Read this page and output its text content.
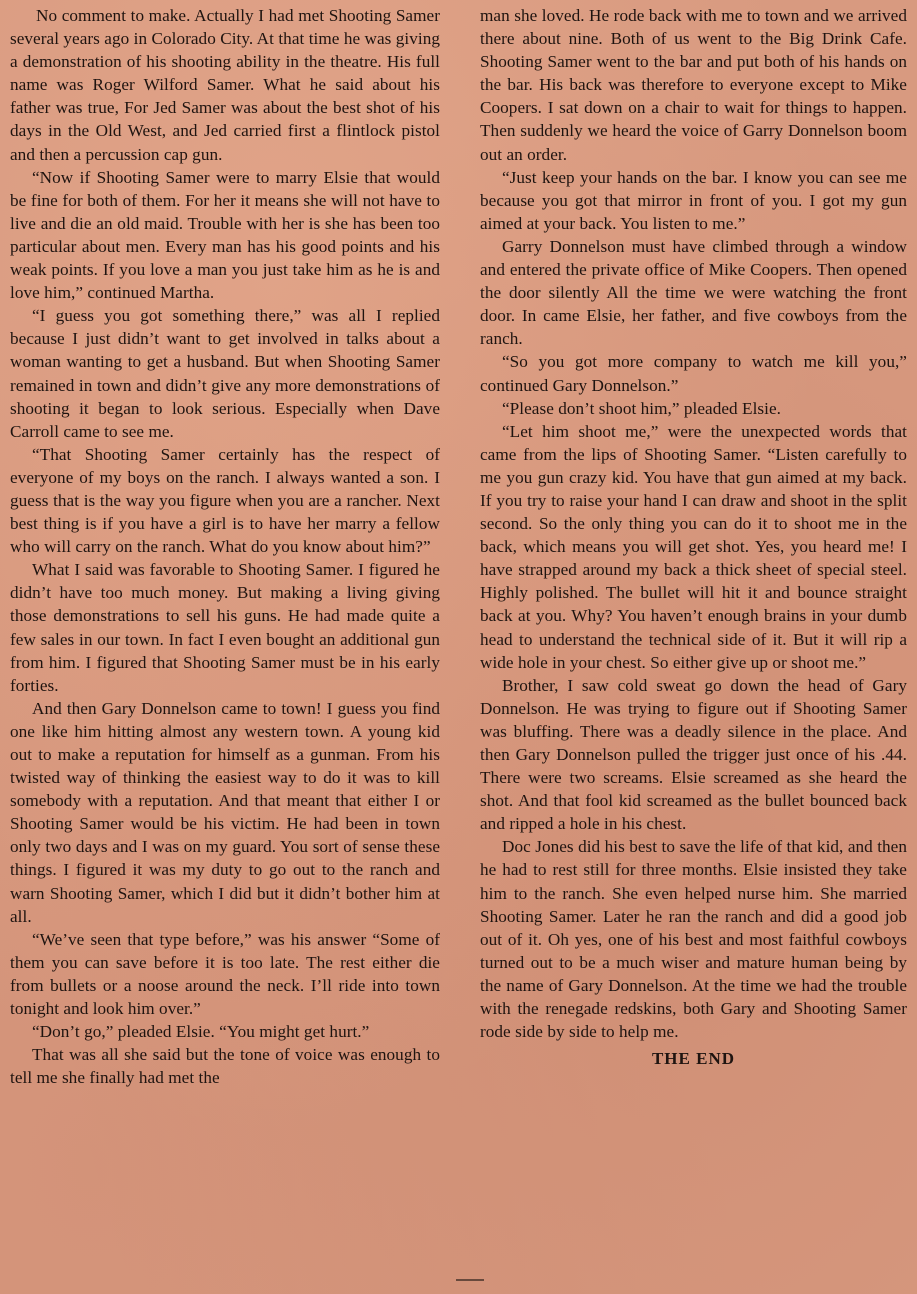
No comment to make. Actually I had met Shooting Samer several years ago in Colorado City. At that time he was giving a demonstration of his shooting ability in the theatre. His full name was Roger Wilford Samer. What he said about his father was true, For Jed Samer was about the best shot of his days in the Old West, and Jed carried first a flintlock pistol and then a percussion cap gun.

“Now if Shooting Samer were to marry Elsie that would be fine for both of them. For her it means she will not have to live and die an old maid. Trouble with her is she has been too particular about men. Every man has his good points and his weak points. If you love a man you just take him as he is and love him,” continued Martha.

“I guess you got something there,” was all I replied because I just didn’t want to get involved in talks about a woman wanting to get a husband. But when Shooting Samer remained in town and didn’t give any more demonstrations of shooting it began to look serious. Especially when Dave Carroll came to see me.

“That Shooting Samer certainly has the respect of everyone of my boys on the ranch. I always wanted a son. I guess that is the way you figure when you are a rancher. Next best thing is if you have a girl is to have her marry a fellow who will carry on the ranch. What do you know about him?”

What I said was favorable to Shooting Samer. I figured he didn’t have too much money. But making a living giving those demonstrations to sell his guns. He had made quite a few sales in our town. In fact I even bought an additional gun from him. I figured that Shooting Samer must be in his early forties.

And then Gary Donnelson came to town! I guess you find one like him hitting almost any western town. A young kid out to make a reputation for himself as a gunman. From his twisted way of thinking the easiest way to do it was to kill somebody with a reputation. And that meant that either I or Shooting Samer would be his victim. He had been in town only two days and I was on my guard. You sort of sense these things. I figured it was my duty to go out to the ranch and warn Shooting Samer, which I did but it didn’t bother him at all.

“We’ve seen that type before,” was his answer “Some of them you can save before it is too late. The rest either die from bullets or a noose around the neck. I’ll ride into town tonight and look him over.”

“Don’t go,” pleaded Elsie. “You might get hurt.”

That was all she said but the tone of voice was enough to tell me she finally had met the

man she loved. He rode back with me to town and we arrived there about nine. Both of us went to the Big Drink Cafe. Shooting Samer went to the bar and put both of his hands on the bar. His back was therefore to everyone except to Mike Coopers. I sat down on a chair to wait for things to happen. Then suddenly we heard the voice of Garry Donnelson boom out an order.

“Just keep your hands on the bar. I know you can see me because you got that mirror in front of you. I got my gun aimed at your back. You listen to me.”

Garry Donnelson must have climbed through a window and entered the private office of Mike Coopers. Then opened the door silently All the time we were watching the front door. In came Elsie, her father, and five cowboys from the ranch.

“So you got more company to watch me kill you,” continued Gary Donnelson.”

“Please don’t shoot him,” pleaded Elsie.

“Let him shoot me,” were the unexpected words that came from the lips of Shooting Samer. “Listen carefully to me you gun crazy kid. You have that gun aimed at my back. If you try to raise your hand I can draw and shoot in the split second. So the only thing you can do it to shoot me in the back, which means you will get shot. Yes, you heard me! I have strapped around my back a thick sheet of special steel. Highly polished. The bullet will hit it and bounce straight back at you. Why? You haven’t enough brains in your dumb head to understand the technical side of it. But it will rip a wide hole in your chest. So either give up or shoot me.”

Brother, I saw cold sweat go down the head of Gary Donnelson. He was trying to figure out if Shooting Samer was bluffing. There was a deadly silence in the place. And then Gary Donnelson pulled the trigger just once of his .44. There were two screams. Elsie screamed as she heard the shot. And that fool kid screamed as the bullet bounced back and ripped a hole in his chest.

Doc Jones did his best to save the life of that kid, and then he had to rest still for three months. Elsie insisted they take him to the ranch. She even helped nurse him. She married Shooting Samer. Later he ran the ranch and did a good job out of it. Oh yes, one of his best and most faithful cowboys turned out to be a much wiser and mature human being by the name of Gary Donnelson. At the time we had the trouble with the renegade redskins, both Gary and Shooting Samer rode side by side to help me.

THE END
